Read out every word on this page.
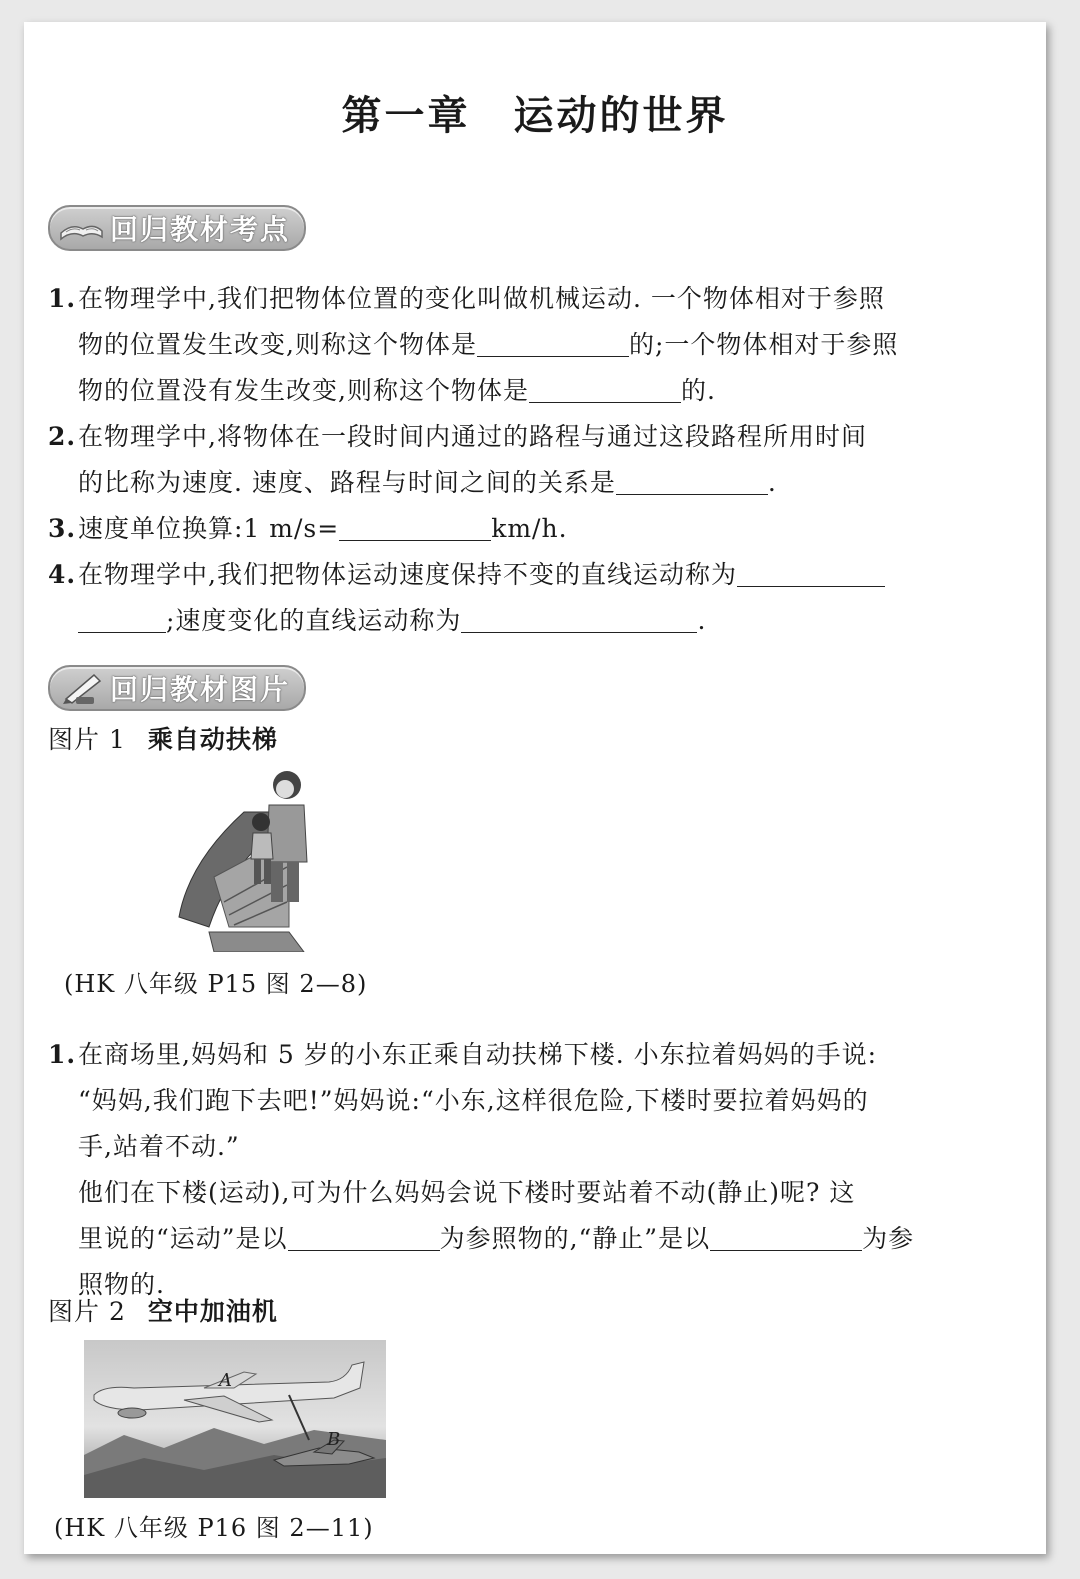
第一章　运动的世界
回归教材考点
1.在物理学中,我们把物体位置的变化叫做机械运动. 一个物体相对于参照
物的位置发生改变,则称这个物体是	的;一个物体相对于参照
物的位置没有发生改变,则称这个物体是	的.
2.在物理学中,将物体在一段时间内通过的路程与通过这段路程所用时间
的比称为速度. 速度、路程与时间之间的关系是	.
3.速度单位换算:1 m/s=	km/h.
4.在物理学中,我们把物体运动速度保持不变的直线运动称为
;速度变化的直线运动称为	.
回归教材图片

图片 1 乘自动扶梯

(HK 八年级 P15 图 2—8)

1.在商场里,妈妈和 5 岁的小东正乘自动扶梯下楼. 小东拉着妈妈的手说:
“妈妈,我们跑下去吧!”妈妈说:“小东,这样很危险,下楼时要拉着妈妈的
手,站着不动.”
他们在下楼(运动),可为什么妈妈会说下楼时要站着不动(静止)呢? 这
里说的“运动”是以	为参照物的,“静止”是以	为参
照物的.

图片 2 空中加油机

A
B

(HK 八年级 P16 图 2—11)
